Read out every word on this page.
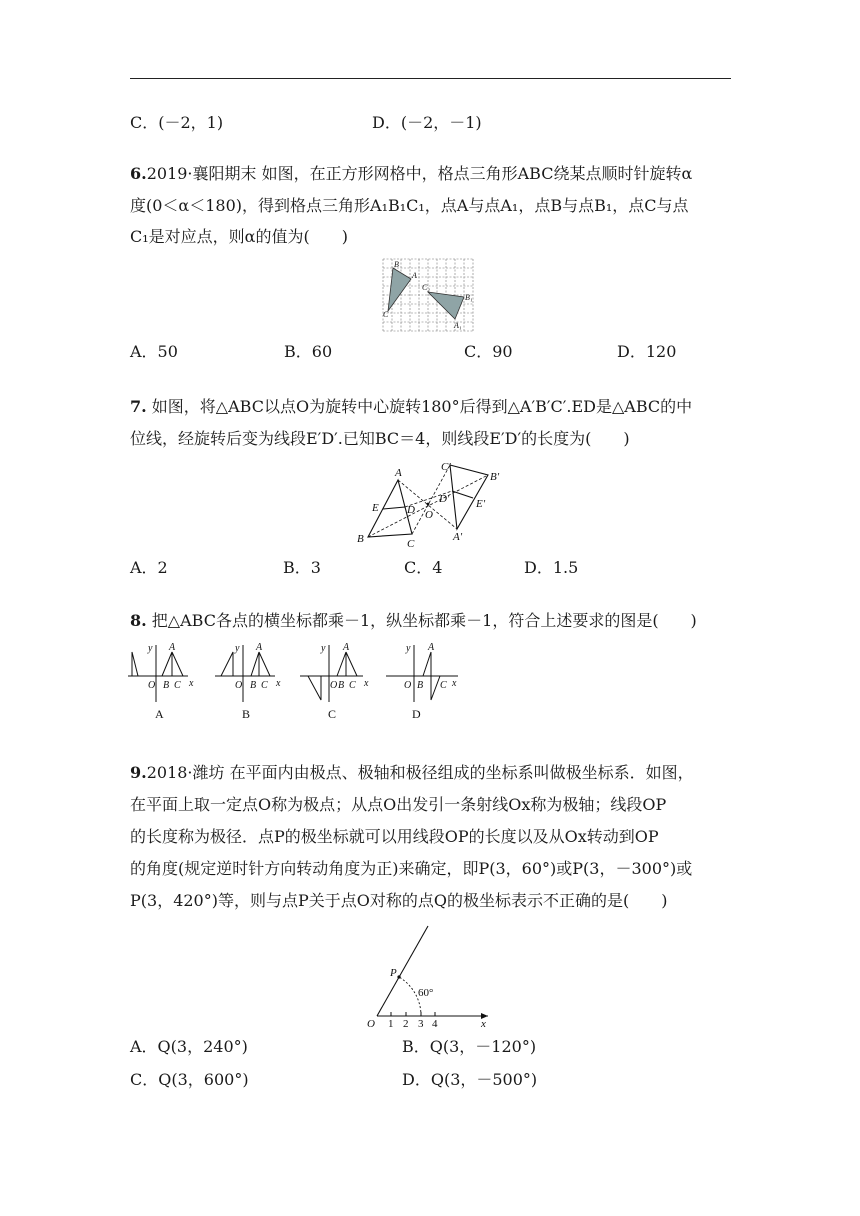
C．(－2，1)	D．(－2，－1)
6.2019·襄阳期末 如图，在正方形网格中，格点三角形ABC绕某点顺时针旋转α
度(0＜α＜180)，得到格点三角形A₁B₁C₁，点A与点A₁，点B与点B₁，点C与点
C₁是对应点，则α的值为(　　)
B
A
C
C₁
B₁
A₁
A．50	B．60	C．90	D．120
7. 如图，将△ABC以点O为旋转中心旋转180°后得到△A′B′C′.ED是△ABC的中
位线，经旋转后变为线段E′D′.已知BC＝4，则线段E′D′的长度为(　　)
A
E	D O
B	C
C′
B′
D′ E′
A′
A．2	B．3	C．4	D．1.5
8. 把△ABC各点的横坐标都乘－1，纵坐标都乘－1，符合上述要求的图是(　　)
y A
O B C x
y A
O B C x
y A
O B C x
y A
O B C x
A	B	C	D
9.2018·潍坊 在平面内由极点、极轴和极径组成的坐标系叫做极坐标系．如图，
在平面上取一定点O称为极点；从点O出发引一条射线Ox称为极轴；线段OP
的长度称为极径．点P的极坐标就可以用线段OP的长度以及从Ox转动到OP
的角度(规定逆时针方向转动角度为正)来确定，即P(3，60°)或P(3，－300°)或
P(3，420°)等，则与点P关于点O对称的点Q的极坐标表示不正确的是(　　)
P
60°
O 1 2 3 4	x
A．Q(3，240°)	B．Q(3，－120°)
C．Q(3，600°)	D．Q(3，－500°)
